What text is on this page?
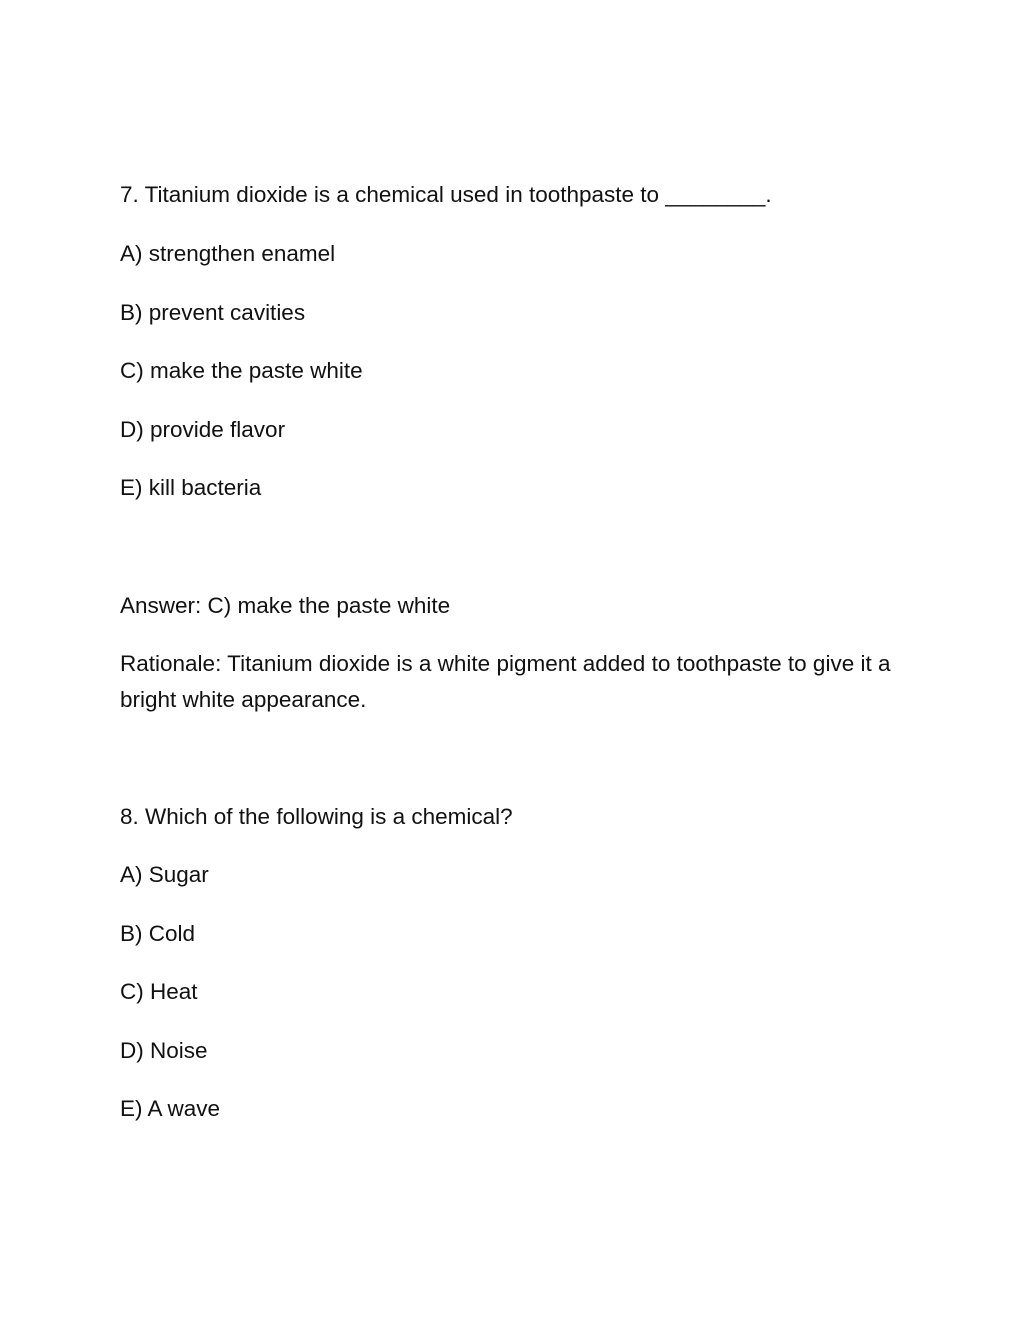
7. Titanium dioxide is a chemical used in toothpaste to ________.
A) strengthen enamel
B) prevent cavities
C) make the paste white
D) provide flavor
E) kill bacteria
Answer: C) make the paste white
Rationale: Titanium dioxide is a white pigment added to toothpaste to give it a bright white appearance.
8. Which of the following is a chemical?
A) Sugar
B) Cold
C) Heat
D) Noise
E) A wave
